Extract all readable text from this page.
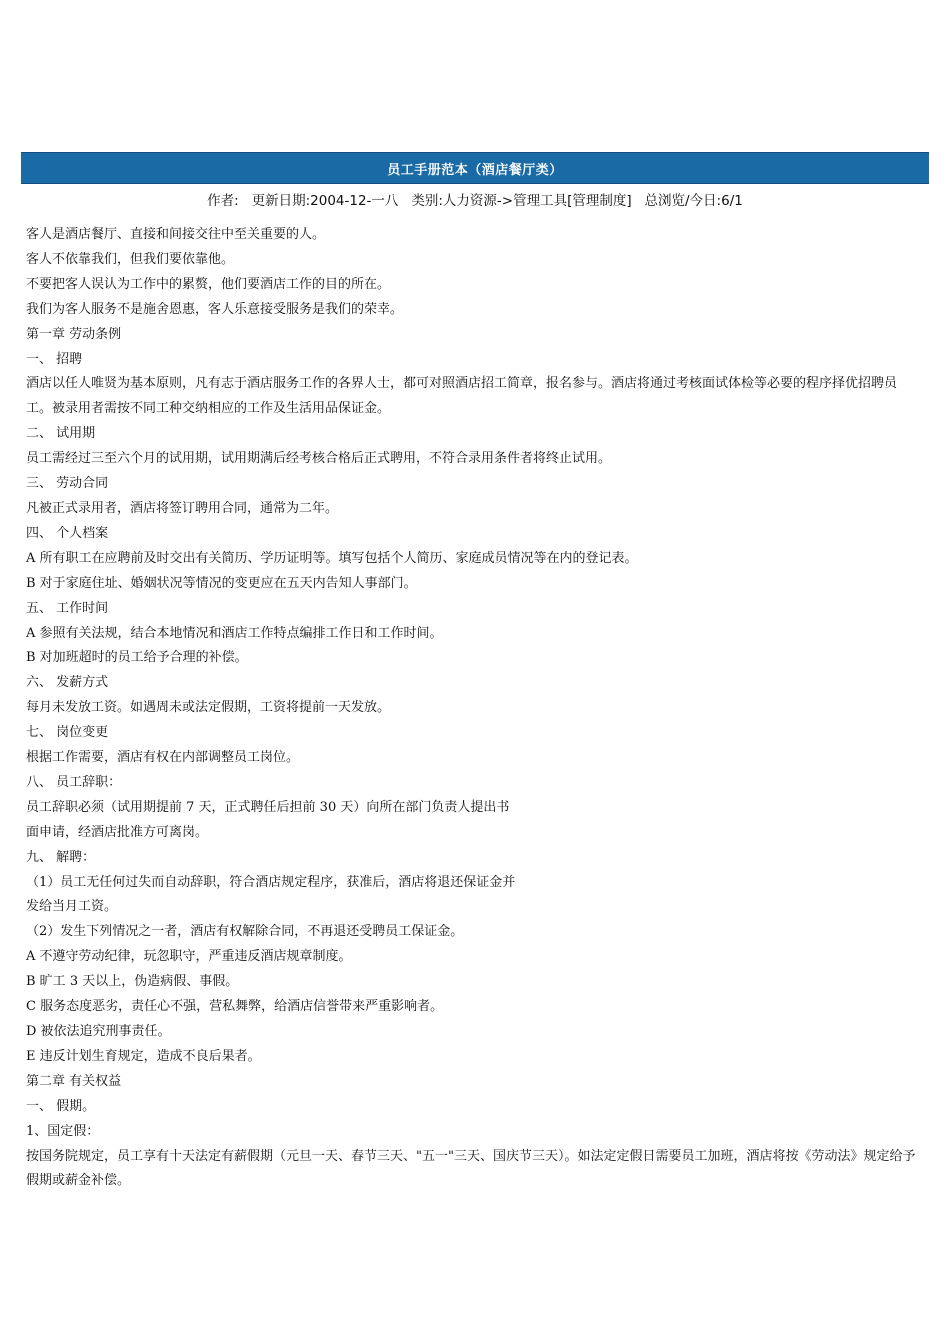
员工手册范本（酒店餐厅类）
作者: 更新日期:2004-12-一八 类别:人力资源->管理工具[管理制度] 总浏览/今日:6/1

客人是酒店餐厅、直接和间接交往中至关重要的人。

客人不依靠我们，但我们要依靠他。

不要把客人误认为工作中的累赘，他们要酒店工作的目的所在。

我们为客人服务不是施舍恩惠，客人乐意接受服务是我们的荣幸。

第一章 劳动条例

一、 招聘

酒店以任人唯贤为基本原则，凡有志于酒店服务工作的各界人士，都可对照酒店招工简章，报名参与。酒店将通过考核面试体检等必要的程序择优招聘员工。被录用者需按不同工种交纳相应的工作及生活用品保证金。

二、 试用期

员工需经过三至六个月的试用期，试用期满后经考核合格后正式聘用，不符合录用条件者将终止试用。

三、 劳动合同

凡被正式录用者，酒店将签订聘用合同，通常为二年。

四、 个人档案

A 所有职工在应聘前及时交出有关简历、学历证明等。填写包括个人简历、家庭成员情况等在内的登记表。

B 对于家庭住址、婚姻状况等情况的变更应在五天内告知人事部门。

五、 工作时间

A 参照有关法规，结合本地情况和酒店工作特点编排工作日和工作时间。

B 对加班超时的员工给予合理的补偿。

六、 发薪方式

每月未发放工资。如遇周未或法定假期，工资将提前一天发放。

七、 岗位变更

根据工作需要，酒店有权在内部调整员工岗位。

八、 员工辞职：

员工辞职必须（试用期提前 7 天，正式聘任后担前 30 天）向所在部门负责人提出书

面申请，经酒店批准方可离岗。

九、 解聘：

（1）员工无任何过失而自动辞职，符合酒店规定程序，获准后，酒店将退还保证金并

发给当月工资。

（2）发生下列情况之一者，酒店有权解除合同，不再退还受聘员工保证金。

A 不遵守劳动纪律，玩忽职守，严重违反酒店规章制度。

B 旷工 3 天以上，伪造病假、事假。

C 服务态度恶劣，责任心不强，营私舞弊，给酒店信誉带来严重影响者。

D 被依法追究刑事责任。

E 违反计划生育规定，造成不良后果者。

第二章 有关权益

一、 假期。

1、国定假：

按国务院规定，员工享有十天法定有薪假期（元旦一天、春节三天、"五一"三天、国庆节三天）。如法定定假日需要员工加班，酒店将按《劳动法》规定给予假期或薪金补偿。
